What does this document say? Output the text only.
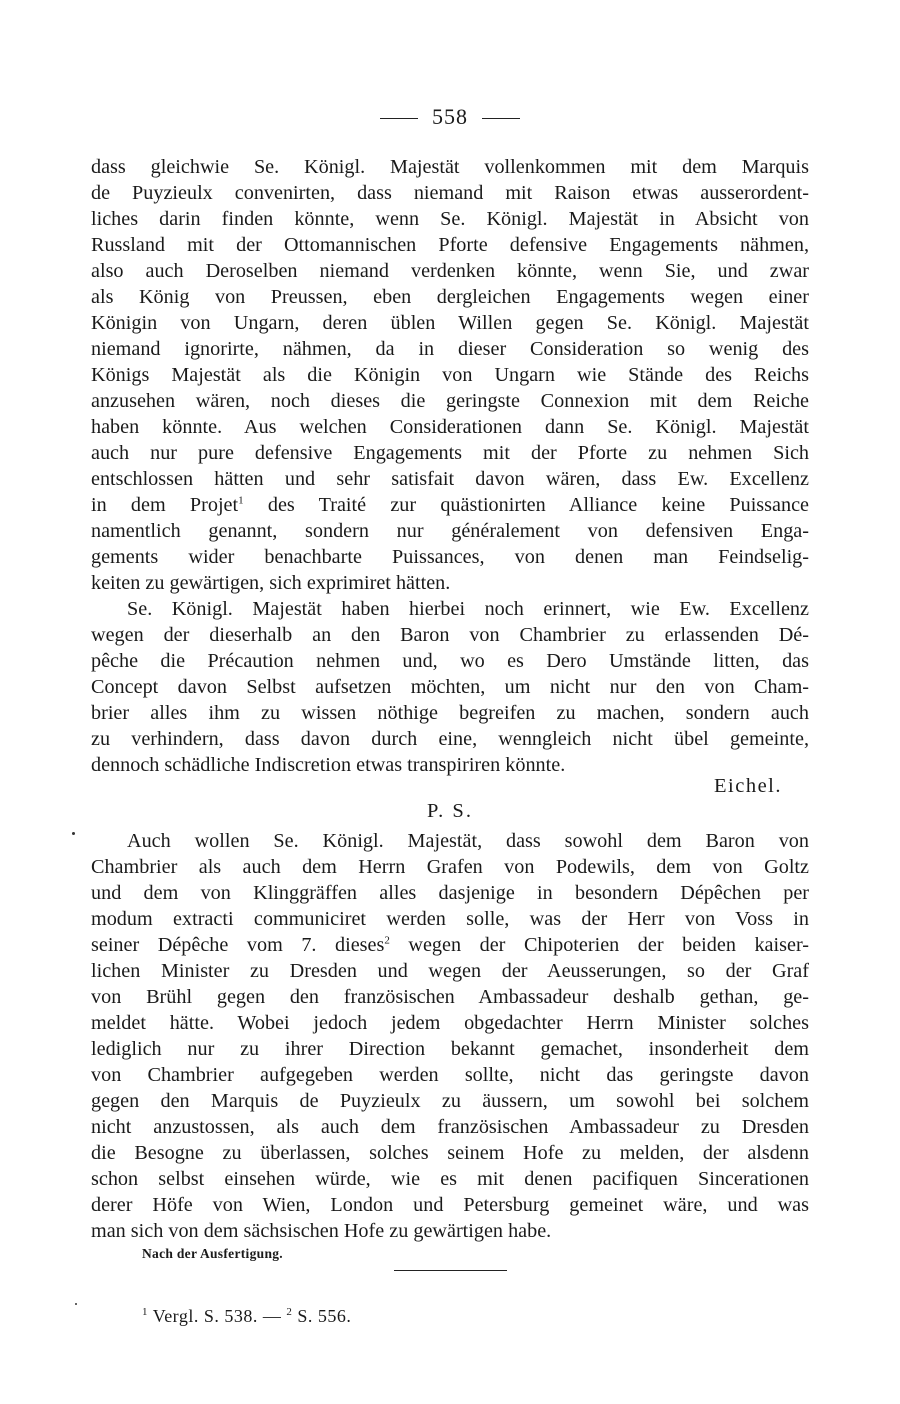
558
dass gleichwie Se. Königl. Majestät vollenkommen mit dem Marquis
de Puyzieulx convenirten, dass niemand mit Raison etwas ausserordent-
liches darin finden könnte, wenn Se. Königl. Majestät in Absicht von
Russland mit der Ottomannischen Pforte defensive Engagements nähmen,
also auch Deroselben niemand verdenken könnte, wenn Sie, und zwar
als König von Preussen, eben dergleichen Engagements wegen einer
Königin von Ungarn, deren üblen Willen gegen Se. Königl. Majestät
niemand ignorirte, nähmen, da in dieser Consideration so wenig des
Königs Majestät als die Königin von Ungarn wie Stände des Reichs
anzusehen wären, noch dieses die geringste Connexion mit dem Reiche
haben könnte. Aus welchen Considerationen dann Se. Königl. Majestät
auch nur pure defensive Engagements mit der Pforte zu nehmen Sich
entschlossen hätten und sehr satisfait davon wären, dass Ew. Excellenz
in dem Projet$^1$ des Traité zur quästionirten Alliance keine Puissance
namentlich genannt, sondern nur généralement von defensiven Enga-
gements wider benachbarte Puissances, von denen man Feindselig-
keiten zu gewärtigen, sich exprimiret hätten.
Se. Königl. Majestät haben hierbei noch erinnert, wie Ew. Excellenz
wegen der dieserhalb an den Baron von Chambrier zu erlassenden Dé-
pêche die Précaution nehmen und, wo es Dero Umstände litten, das
Concept davon Selbst aufsetzen möchten, um nicht nur den von Cham-
brier alles ihm zu wissen nöthige begreifen zu machen, sondern auch
zu verhindern, dass davon durch eine, wenngleich nicht übel gemeinte,
dennoch schädliche Indiscretion etwas transpiriren könnte.
Eichel.
P. S.
Auch wollen Se. Königl. Majestät, dass sowohl dem Baron von
Chambrier als auch dem Herrn Grafen von Podewils, dem von Goltz
und dem von Klinggräffen alles dasjenige in besondern Dépêchen per
modum extracti communiciret werden solle, was der Herr von Voss in
seiner Dépêche vom 7. dieses$^2$ wegen der Chipoterien der beiden kaiser-
lichen Minister zu Dresden und wegen der Aeusserungen, so der Graf
von Brühl gegen den französischen Ambassadeur deshalb gethan, ge-
meldet hätte. Wobei jedoch jedem obgedachter Herrn Minister solches
lediglich nur zu ihrer Direction bekannt gemachet, insonderheit dem
von Chambrier aufgegeben werden sollte, nicht das geringste davon
gegen den Marquis de Puyzieulx zu äussern, um sowohl bei solchem
nicht anzustossen, als auch dem französischen Ambassadeur zu Dresden
die Besogne zu überlassen, solches seinem Hofe zu melden, der alsdenn
schon selbst einsehen würde, wie es mit denen pacifiquen Sincerationen
derer Höfe von Wien, London und Petersburg gemeinet wäre, und was
man sich von dem sächsischen Hofe zu gewärtigen habe.
Nach der Ausfertigung.
$^1$ Vergl. S. 538. — $^2$ S. 556.
